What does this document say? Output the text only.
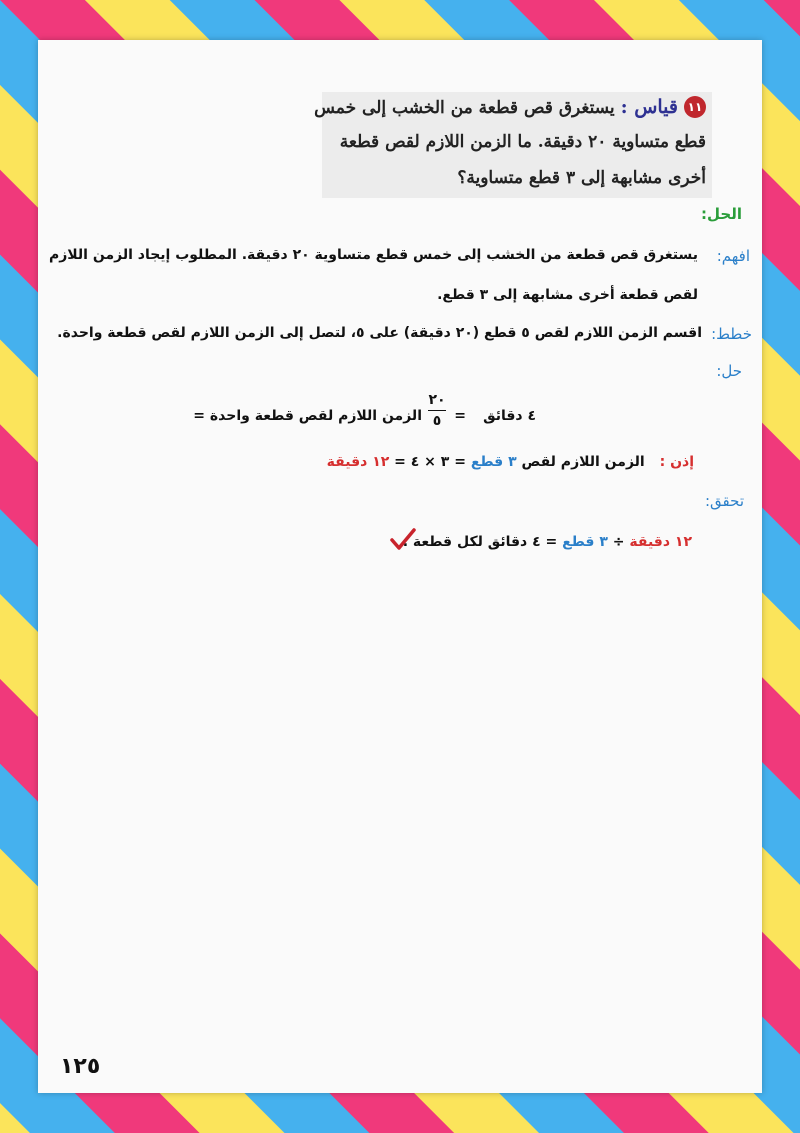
١١
قياس : يستغرق قص قطعة من الخشب إلى خمس
قطع متساوية ٢٠ دقيقة. ما الزمن اللازم لقص قطعة
أخرى مشابهة إلى ٣ قطع متساوية؟
الحل:
افهم:
يستغرق قص قطعة من الخشب إلى خمس قطع متساوية ٢٠ دقيقة. المطلوب إيجاد الزمن اللازم
لقص قطعة أخرى مشابهة إلى ٣ قطع.
خطط:
اقسم الزمن اللازم لقص ٥ قطع (٢٠ دقيقة) على ٥، لتصل إلى الزمن اللازم لقص قطعة واحدة.
حل:
الزمن اللازم لقص قطعة واحدة =
٢٠
٥ = ٤ دقائق
إذن : الزمن اللازم لقص ٣ قطع = ٣ × ٤ = ١٢ دقيقة
تحقق:
١٢ دقيقة ÷ ٣ قطع = ٤ دقائق لكل قطعة .
١٢٥
